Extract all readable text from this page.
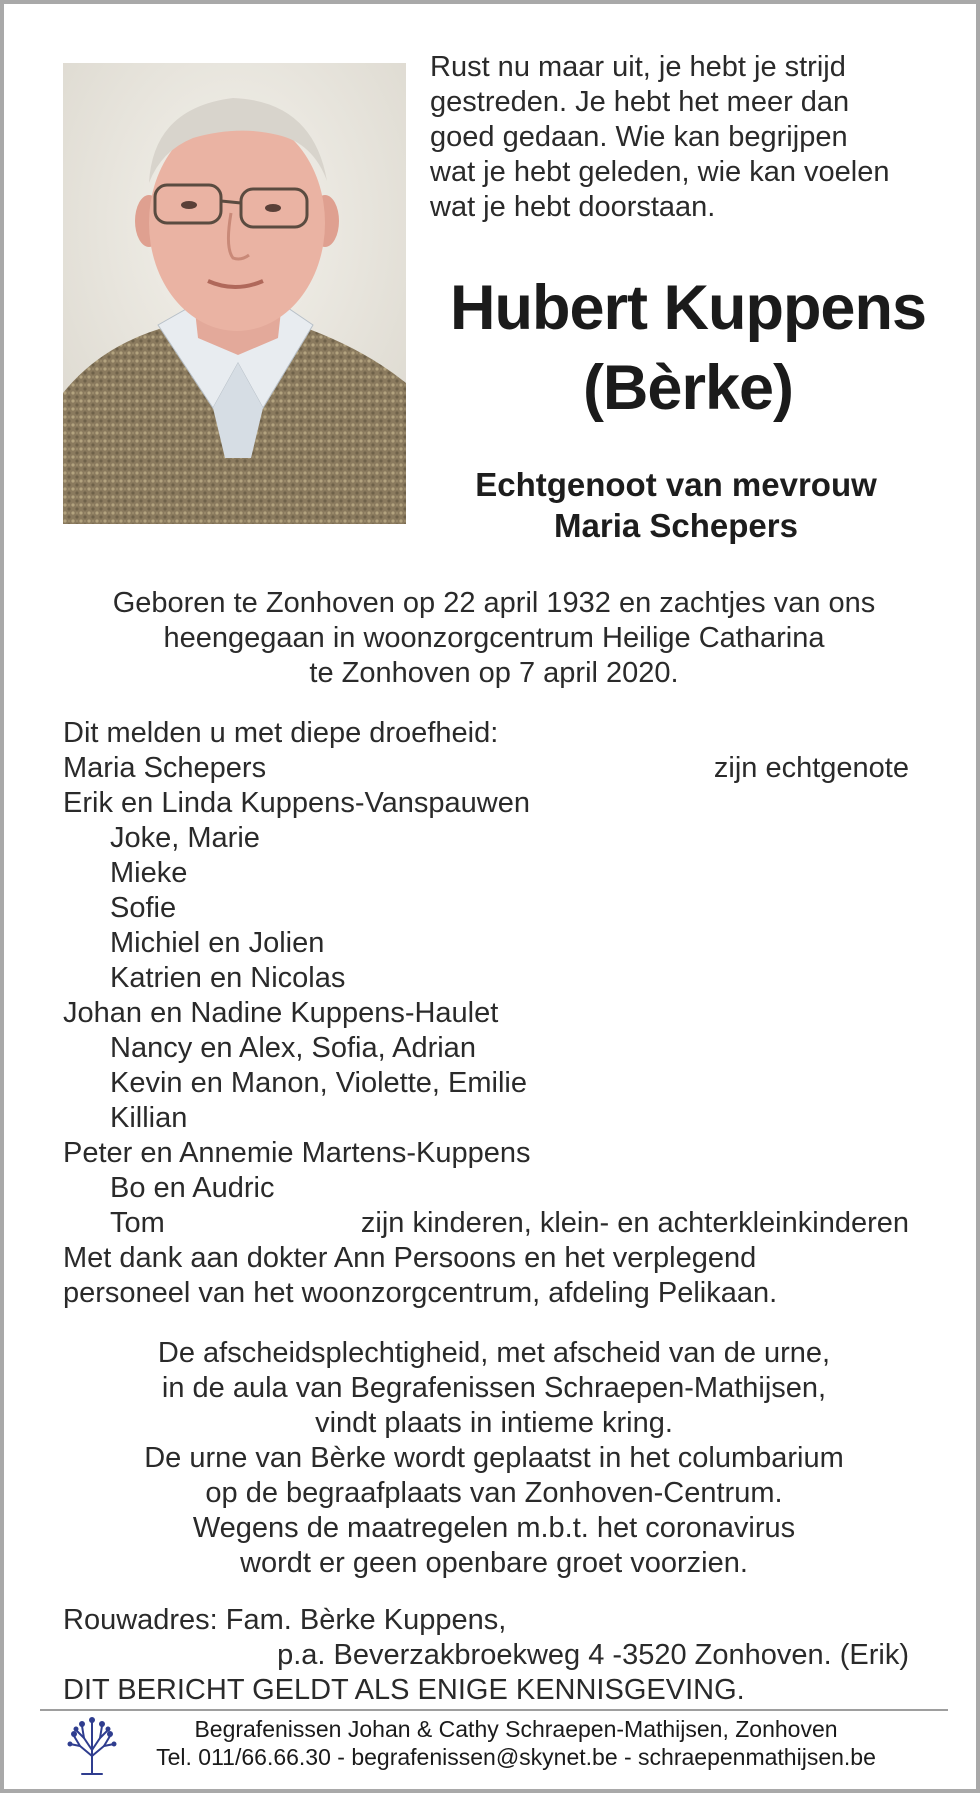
Rust nu maar uit, je hebt je strijd

gestreden. Je hebt het meer dan

goed gedaan. Wie kan begrijpen

wat je hebt geleden, wie kan voelen

wat je hebt doorstaan.

Hubert Kuppens

(Bèrke)

Echtgenoot van mevrouw

Maria Schepers

Geboren te Zonhoven op 22 april 1932 en zachtjes van ons

heengegaan in woonzorgcentrum Heilige Catharina

te Zonhoven op 7 april 2020.

Dit melden u met diepe droefheid:

Maria Schepers	zijn echtgenote

Erik en Linda Kuppens-Vanspauwen

Joke, Marie

Mieke

Sofie

Michiel en Jolien

Katrien en Nicolas

Johan en Nadine Kuppens-Haulet

Nancy en Alex, Sofia, Adrian

Kevin en Manon, Violette, Emilie

Killian

Peter en Annemie Martens-Kuppens

Bo en Audric

Tom	zijn kinderen, klein- en achterkleinkinderen

Met dank aan dokter Ann Persoons en het verplegend

personeel van het woonzorgcentrum, afdeling Pelikaan.

De afscheidsplechtigheid, met afscheid van de urne,

in de aula van Begrafenissen Schraepen-Mathijsen,

vindt plaats in intieme kring.

De urne van Bèrke wordt geplaatst in het columbarium

op de begraafplaats van Zonhoven-Centrum.

Wegens de maatregelen m.b.t. het coronavirus

wordt er geen openbare groet voorzien.

Rouwadres: Fam. Bèrke Kuppens,

p.a. Beverzakbroekweg 4 -3520 Zonhoven. (Erik)

DIT BERICHT GELDT ALS ENIGE KENNISGEVING.

Begrafenissen Johan & Cathy Schraepen-Mathijsen, Zonhoven

Tel. 011/66.66.30 - begrafenissen@skynet.be - schraepenmathijsen.be
